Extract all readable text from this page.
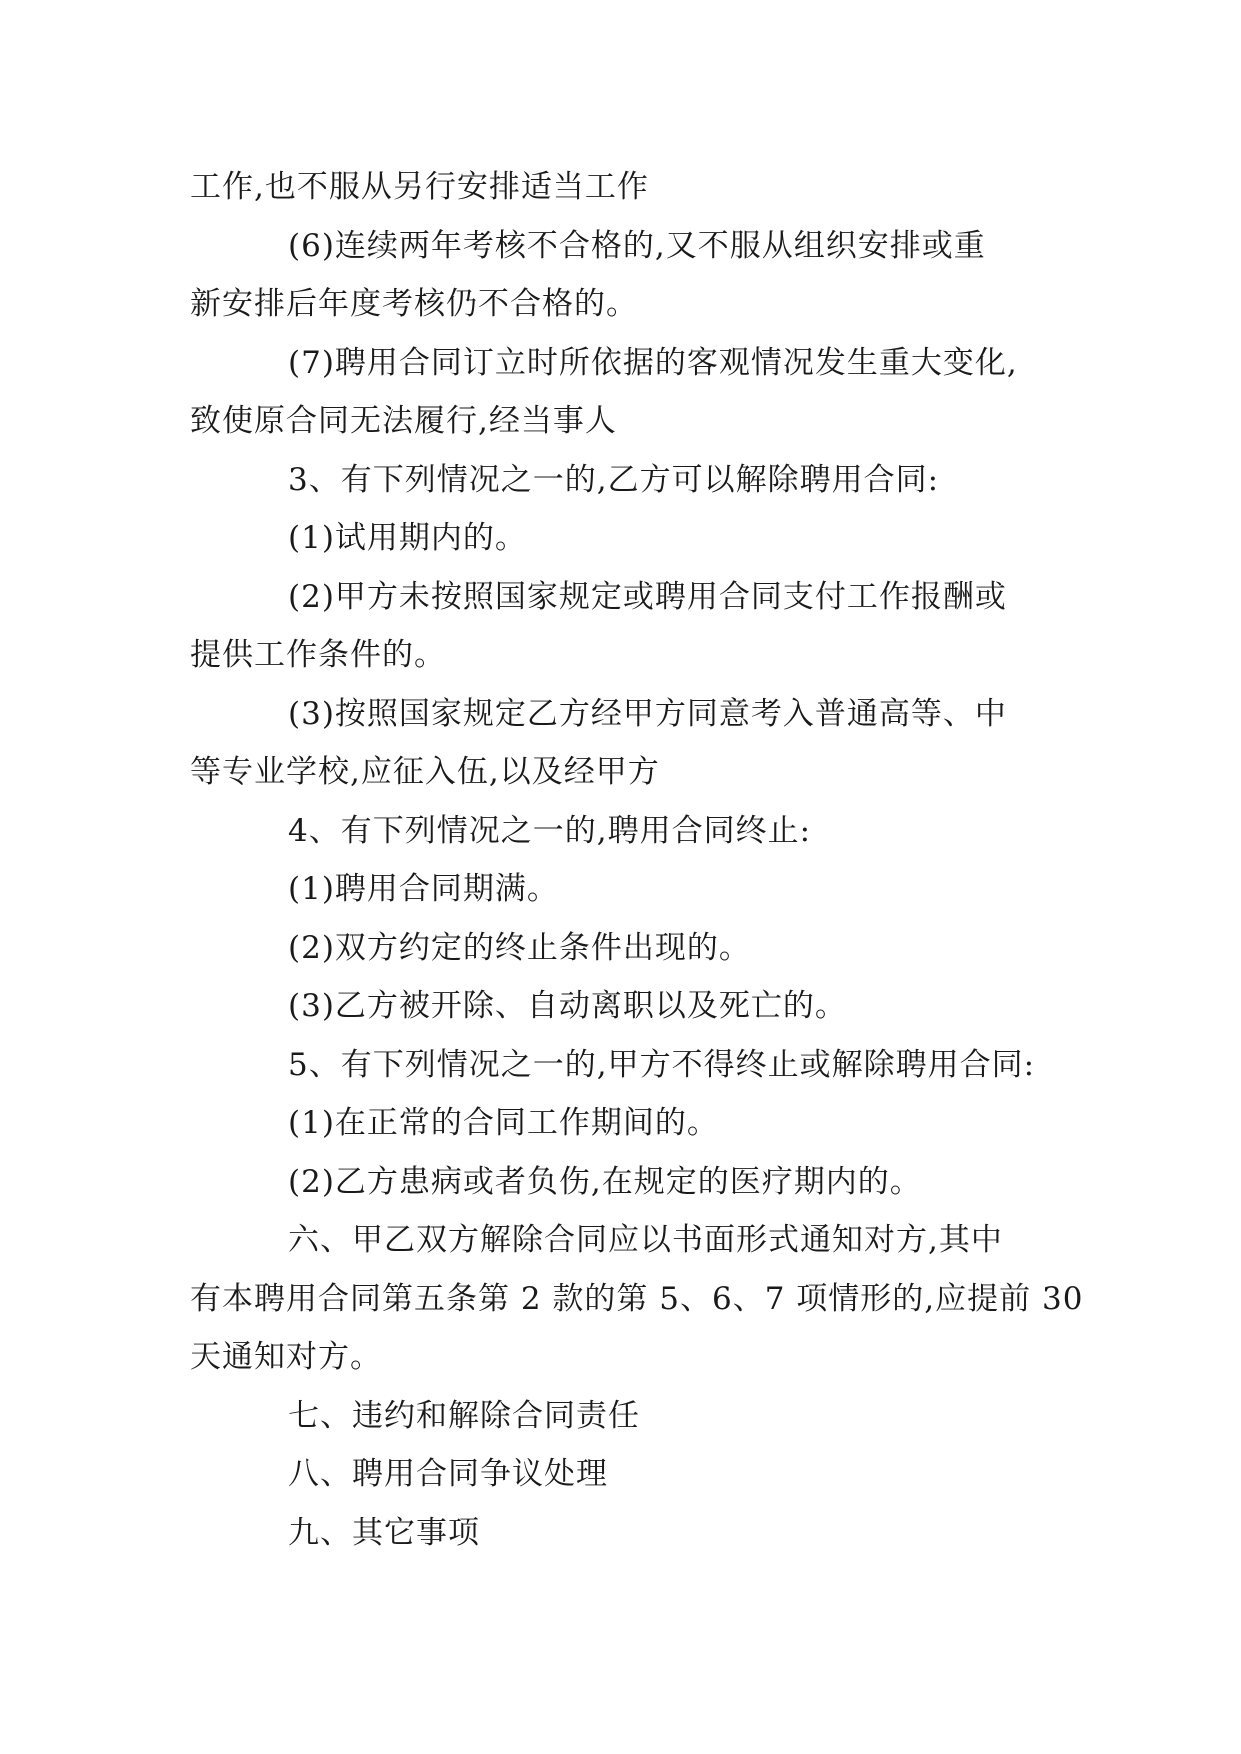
工作,也不服从另行安排适当工作
(6)连续两年考核不合格的,又不服从组织安排或重
新安排后年度考核仍不合格的。
(7)聘用合同订立时所依据的客观情况发生重大变化,
致使原合同无法履行,经当事人
3、有下列情况之一的,乙方可以解除聘用合同:
(1)试用期内的。
(2)甲方未按照国家规定或聘用合同支付工作报酬或
提供工作条件的。
(3)按照国家规定乙方经甲方同意考入普通高等、中
等专业学校,应征入伍,以及经甲方
4、有下列情况之一的,聘用合同终止:
(1)聘用合同期满。
(2)双方约定的终止条件出现的。
(3)乙方被开除、自动离职以及死亡的。
5、有下列情况之一的,甲方不得终止或解除聘用合同:
(1)在正常的合同工作期间的。
(2)乙方患病或者负伤,在规定的医疗期内的。
六、甲乙双方解除合同应以书面形式通知对方,其中
有本聘用合同第五条第 2 款的第 5、6、7 项情形的,应提前 30
天通知对方。
七、违约和解除合同责任
八、聘用合同争议处理
九、其它事项
